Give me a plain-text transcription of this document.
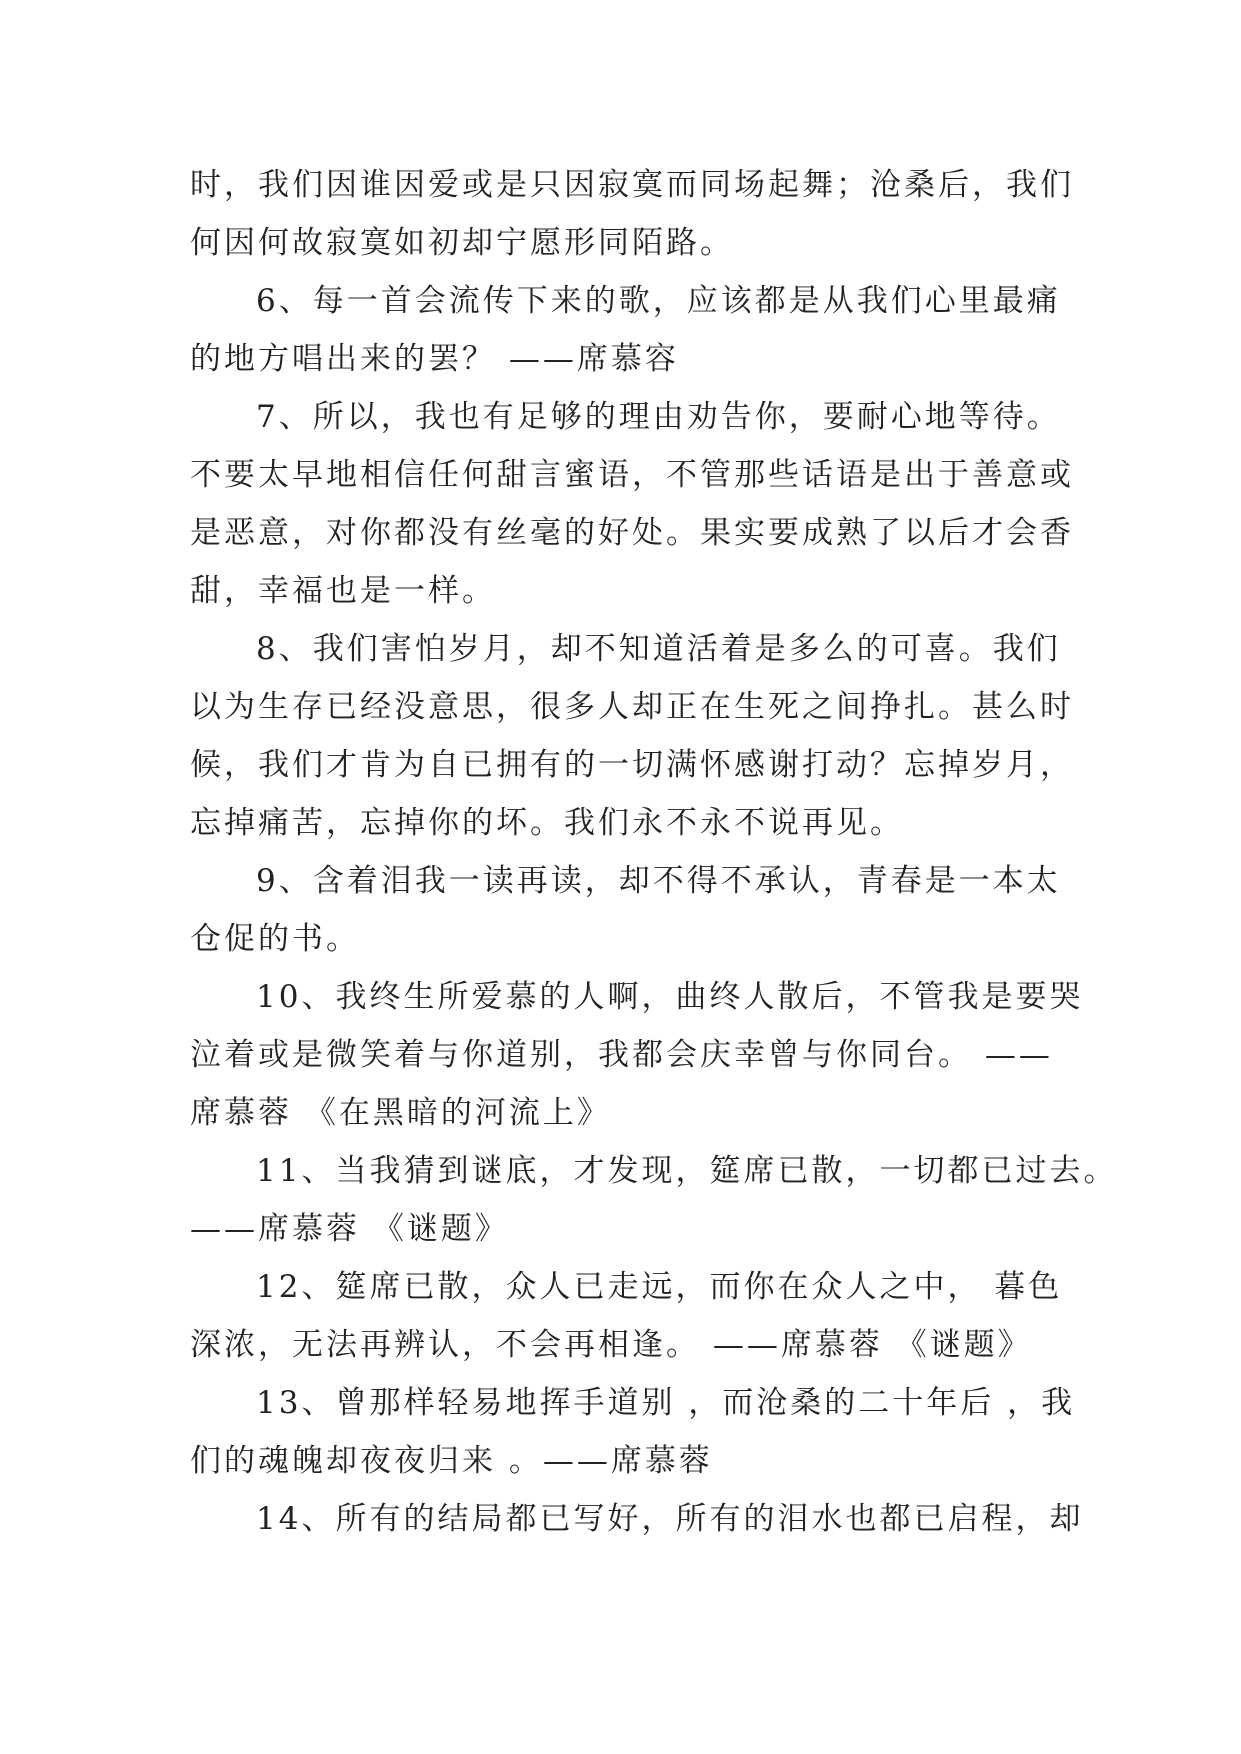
时，我们因谁因爱或是只因寂寞而同场起舞；沧桑后，我们
何因何故寂寞如初却宁愿形同陌路。
6、每一首会流传下来的歌，应该都是从我们心里最痛
的地方唱出来的罢？ ——席慕容
7、所以，我也有足够的理由劝告你，要耐心地等待。
不要太早地相信任何甜言蜜语，不管那些话语是出于善意或
是恶意，对你都没有丝毫的好处。果实要成熟了以后才会香
甜，幸福也是一样。
8、我们害怕岁月，却不知道活着是多么的可喜。我们
以为生存已经没意思，很多人却正在生死之间挣扎。甚么时
候，我们才肯为自已拥有的一切满怀感谢打动？忘掉岁月，
忘掉痛苦，忘掉你的坏。我们永不永不说再见。
9、含着泪我一读再读，却不得不承认，青春是一本太
仓促的书。
10、我终生所爱慕的人啊，曲终人散后，不管我是要哭
泣着或是微笑着与你道别，我都会庆幸曾与你同台。 ——
席慕蓉 《在黑暗的河流上》
11、当我猜到谜底，才发现，筵席已散，一切都已过去。
——席慕蓉 《谜题》
12、筵席已散，众人已走远，而你在众人之中， 暮色
深浓，无法再辨认，不会再相逢。 ——席慕蓉 《谜题》
13、曾那样轻易地挥手道别 ，而沧桑的二十年后 ，我
们的魂魄却夜夜归来 。——席慕蓉
14、所有的结局都已写好，所有的泪水也都已启程，却
